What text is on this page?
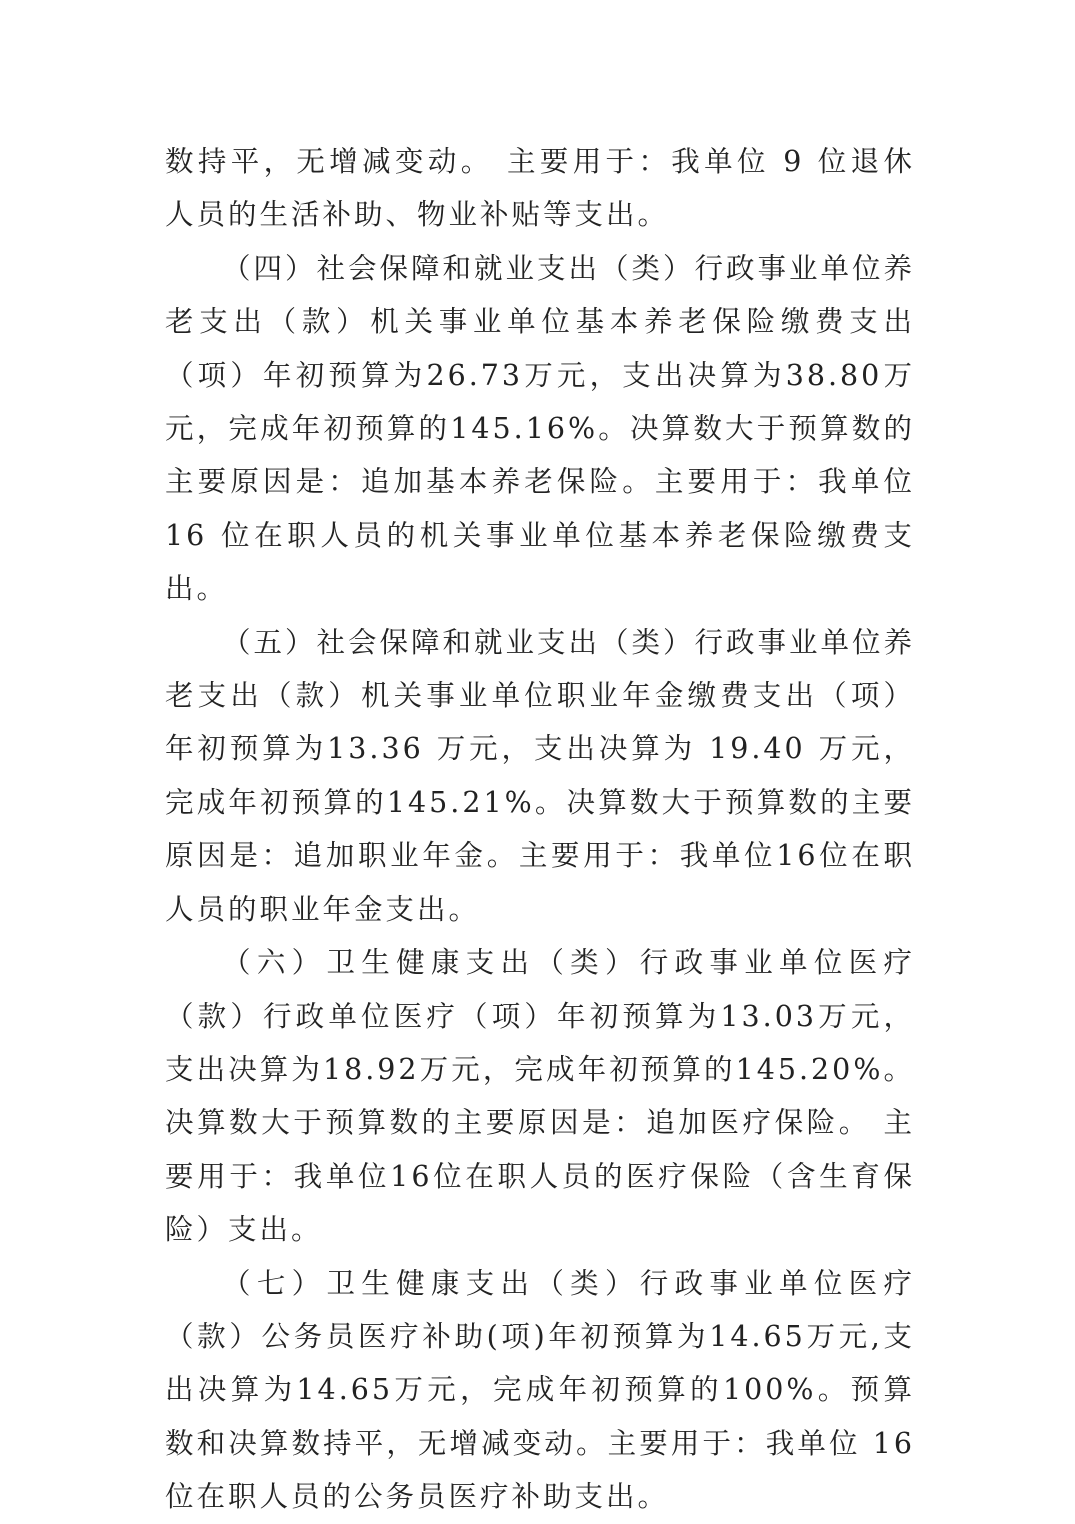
数持平，无增减变动。 主要用于：我单位 9 位退休人员的生活补助、物业补贴等支出。

（四）社会保障和就业支出（类）行政事业单位养老支出（款）机关事业单位基本养老保险缴费支出（项）年初预算为26.73万元，支出决算为38.80万元，完成年初预算的145.16%。决算数大于预算数的主要原因是：追加基本养老保险。主要用于：我单位 16 位在职人员的机关事业单位基本养老保险缴费支出。

（五）社会保障和就业支出（类）行政事业单位养老支出（款）机关事业单位职业年金缴费支出（项）年初预算为13.36 万元，支出决算为 19.40 万元，完成年初预算的145.21%。决算数大于预算数的主要原因是：追加职业年金。主要用于：我单位16位在职人员的职业年金支出。

（六）卫生健康支出（类）行政事业单位医疗（款）行政单位医疗（项）年初预算为13.03万元，支出决算为18.92万元，完成年初预算的145.20%。决算数大于预算数的主要原因是：追加医疗保险。 主要用于：我单位16位在职人员的医疗保险（含生育保险）支出。

（七）卫生健康支出（类）行政事业单位医疗（款）公务员医疗补助(项)年初预算为14.65万元,支出决算为14.65万元，完成年初预算的100%。预算数和决算数持平，无增减变动。主要用于：我单位 16 位在职人员的公务员医疗补助支出。
